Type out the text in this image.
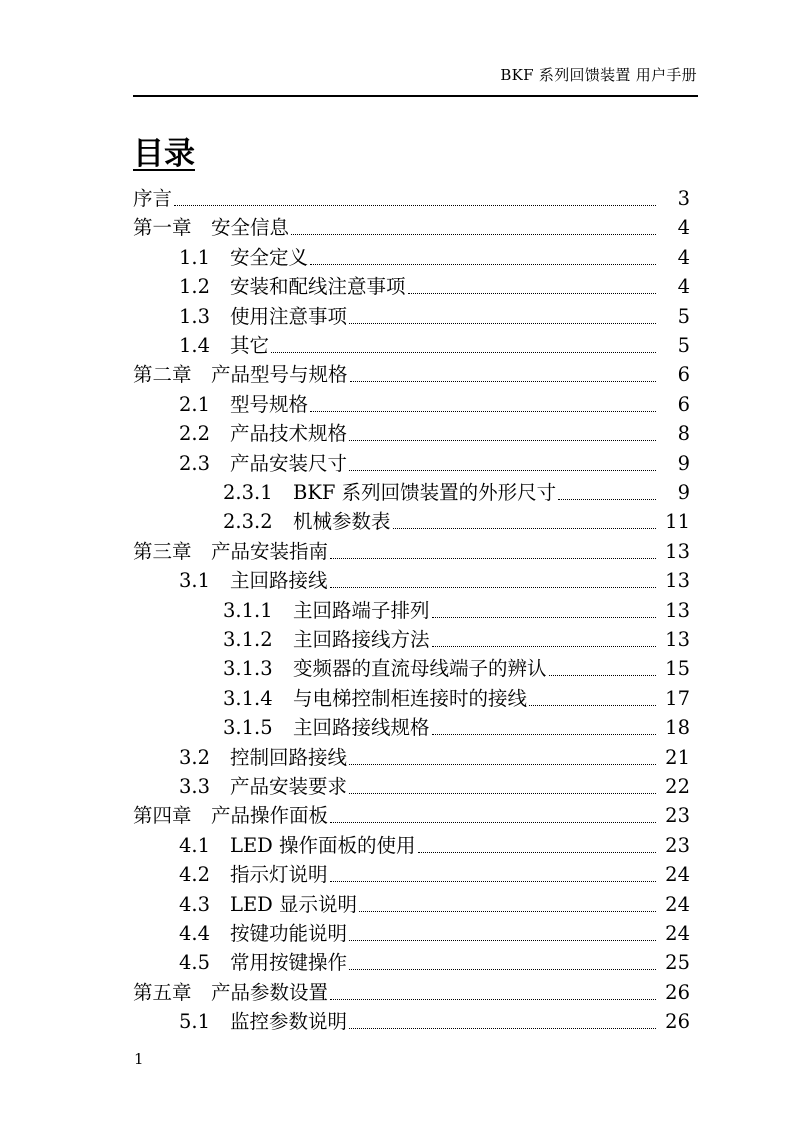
BKF 系列回馈装置 用户手册
目录
序言	3
第一章 安全信息	4
1.1	安全定义	4
1.2	安装和配线注意事项	4
1.3	使用注意事项	5
1.4	其它	5
第二章 产品型号与规格	6
2.1	型号规格	6
2.2	产品技术规格	8
2.3	产品安装尺寸	9
2.3.1	BKF 系列回馈装置的外形尺寸	9
2.3.2	机械参数表	11
第三章 产品安装指南	13
3.1	主回路接线	13
3.1.1	主回路端子排列	13
3.1.2	主回路接线方法	13
3.1.3	变频器的直流母线端子的辨认	15
3.1.4	与电梯控制柜连接时的接线	17
3.1.5	主回路接线规格	18
3.2	控制回路接线	21
3.3	产品安装要求	22
第四章 产品操作面板	23
4.1	LED 操作面板的使用	23
4.2	指示灯说明	24
4.3	LED 显示说明	24
4.4	按键功能说明	24
4.5	常用按键操作	25
第五章 产品参数设置	26
5.1	监控参数说明	26
1
